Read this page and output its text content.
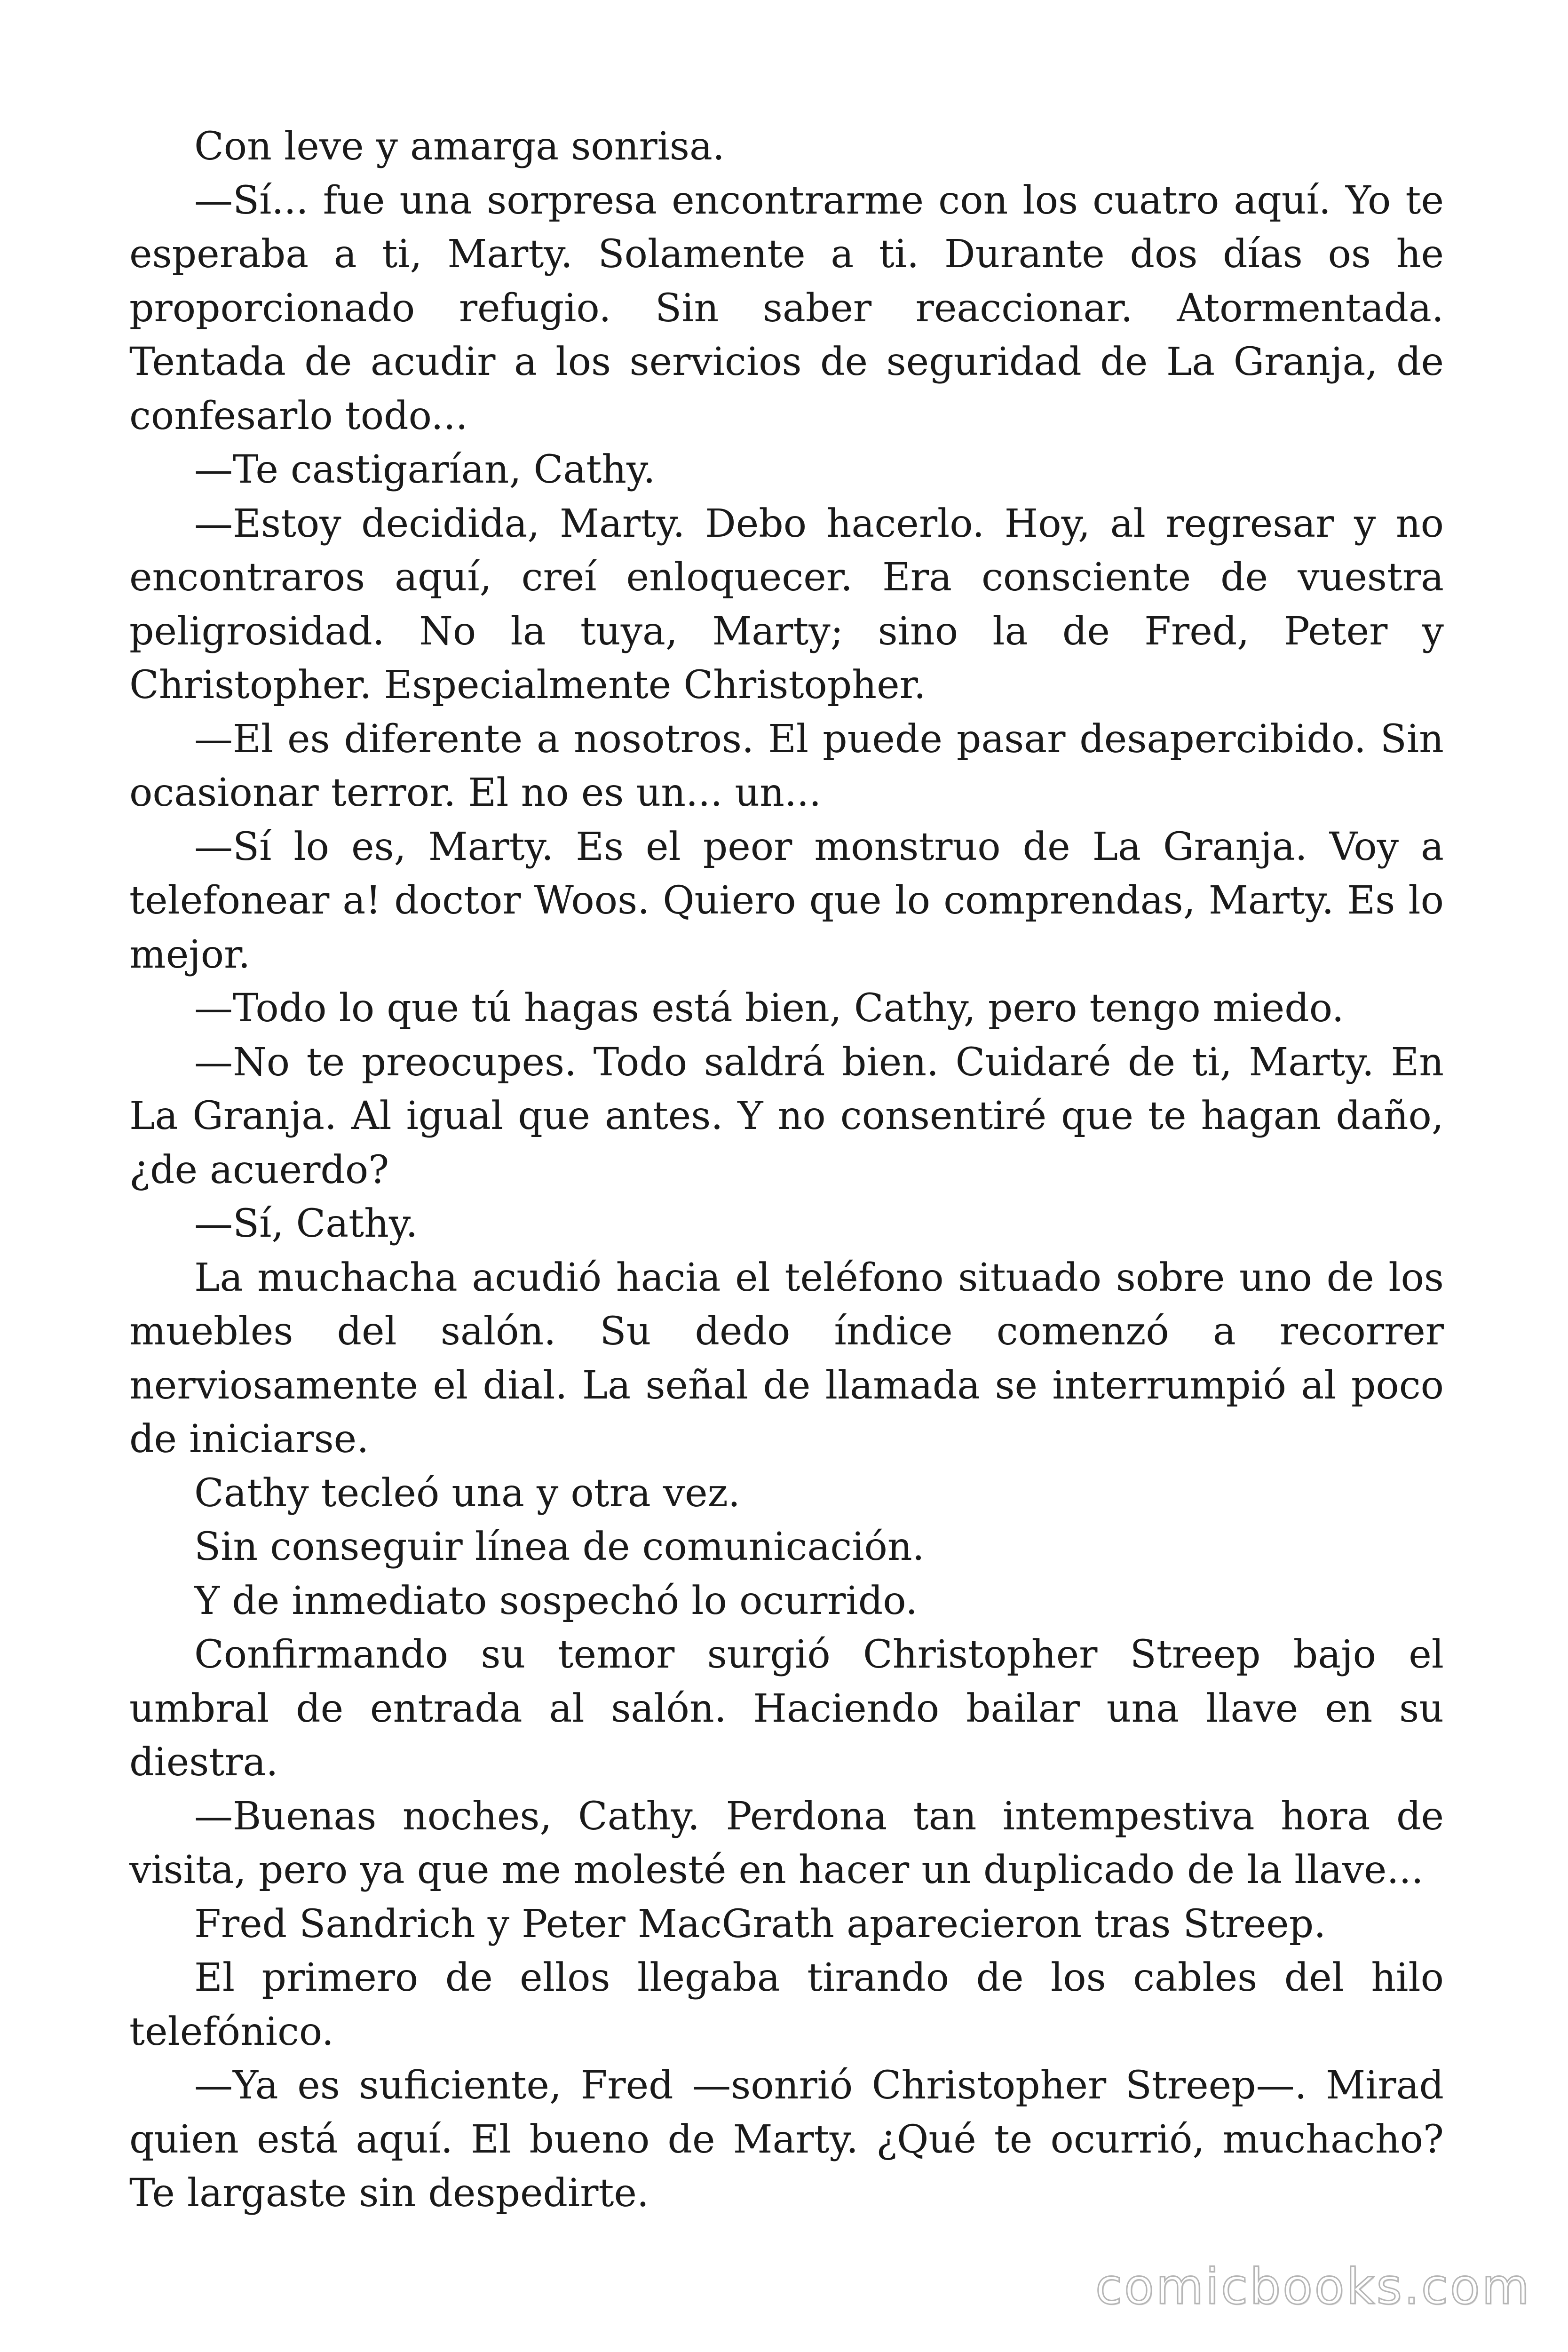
Con leve y amarga sonrisa.

—Sí... fue una sorpresa encontrarme con los cuatro aquí. Yo te esperaba a ti, Marty. Solamente a ti. Durante dos días os he proporcionado refugio. Sin saber reaccionar. Atormentada. Tentada de acudir a los servicios de seguridad de La Granja, de confesarlo todo...

—Te castigarían, Cathy.

—Estoy decidida, Marty. Debo hacerlo. Hoy, al regresar y no encontraros aquí, creí enloquecer. Era consciente de vuestra peligrosidad. No la tuya, Marty; sino la de Fred, Peter y Christopher. Especialmente Christopher.

—El es diferente a nosotros. El puede pasar desapercibido. Sin ocasionar terror. El no es un... un...

—Sí lo es, Marty. Es el peor monstruo de La Granja. Voy a telefonear a! doctor Woos. Quiero que lo comprendas, Marty. Es lo mejor.

—Todo lo que tú hagas está bien, Cathy, pero tengo miedo.

—No te preocupes. Todo saldrá bien. Cuidaré de ti, Marty. En La Granja. Al igual que antes. Y no consentiré que te hagan daño, ¿de acuerdo?

—Sí, Cathy.

La muchacha acudió hacia el teléfono situado sobre uno de los muebles del salón. Su dedo índice comenzó a recorrer nerviosamente el dial. La señal de llamada se interrumpió al poco de iniciarse.

Cathy tecleó una y otra vez.

Sin conseguir línea de comunicación.

Y de inmediato sospechó lo ocurrido.

Confirmando su temor surgió Christopher Streep bajo el umbral de entrada al salón. Haciendo bailar una llave en su diestra.

—Buenas noches, Cathy. Perdona tan intempestiva hora de visita, pero ya que me molesté en hacer un duplicado de la llave...

Fred Sandrich y Peter MacGrath aparecieron tras Streep.

El primero de ellos llegaba tirando de los cables del hilo telefónico.

—Ya es suficiente, Fred —sonrió Christopher Streep—. Mirad quien está aquí. El bueno de Marty. ¿Qué te ocurrió, muchacho? Te largaste sin despedirte.

comicbooks.com
